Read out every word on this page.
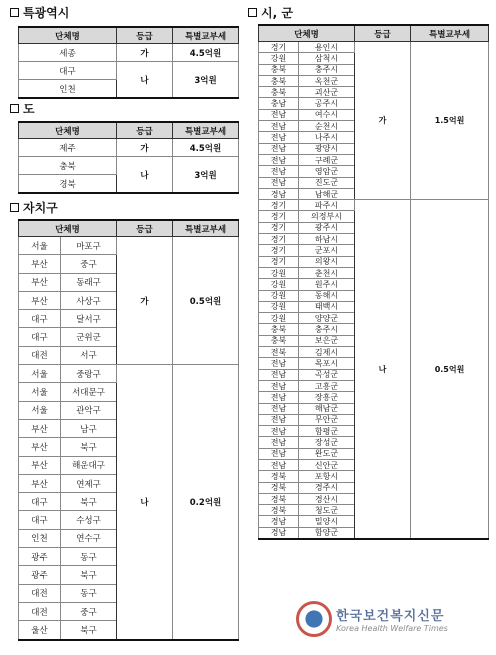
특광역시
단체명	등급	특별교부세
세종	가	4.5억원
대구	나	3억원
인천		
도
단체명	등급	특별교부세
제주	가	4.5억원
충북	나	3억원
경북		
자치구
단체명		등급	특별교부세
서울	마포구	가	0.5억원
부산	중구		
부산	동래구		
부산	사상구		
대구	달서구		
대구	군위군		
대전	서구		
서울	중랑구	나	0.2억원
서울	서대문구		
서울	관악구		
부산	남구		
부산	북구		
부산	해운대구		
부산	연제구		
대구	북구		
대구	수성구		
인천	연수구		
광주	동구		
광주	북구		
대전	동구		
대전	중구		
울산	북구		
시, 군
단체명		등급	특별교부세
경기	용인시	가	1.5억원
강원	삼척시		
충북	충주시		
충북	옥천군		
충북	괴산군		
충남	공주시		
전남	여수시		
전남	순천시		
전남	나주시		
전남	광양시		
전남	구례군		
전남	영암군		
전남	진도군		
경남	남해군		
경기	파주시	나	0.5억원
경기	의정부시		
경기	광주시		
경기	하남시		
경기	군포시		
경기	의왕시		
강원	춘천시		
강원	원주시		
강원	동해시		
강원	태백시		
강원	양양군		
충북	충주시		
충북	보은군		
전북	김제시		
전남	목포시		
전남	곡성군		
전남	고흥군		
전남	장흥군		
전남	해남군		
전남	무안군		
전남	함평군		
전남	장성군		
전남	완도군		
전남	신안군		
경북	포항시		
경북	경주시		
경북	경산시		
경북	청도군		
경남	밀양시		
경남	함양군		
한국보건복지신문
Korea Health Welfare Times
